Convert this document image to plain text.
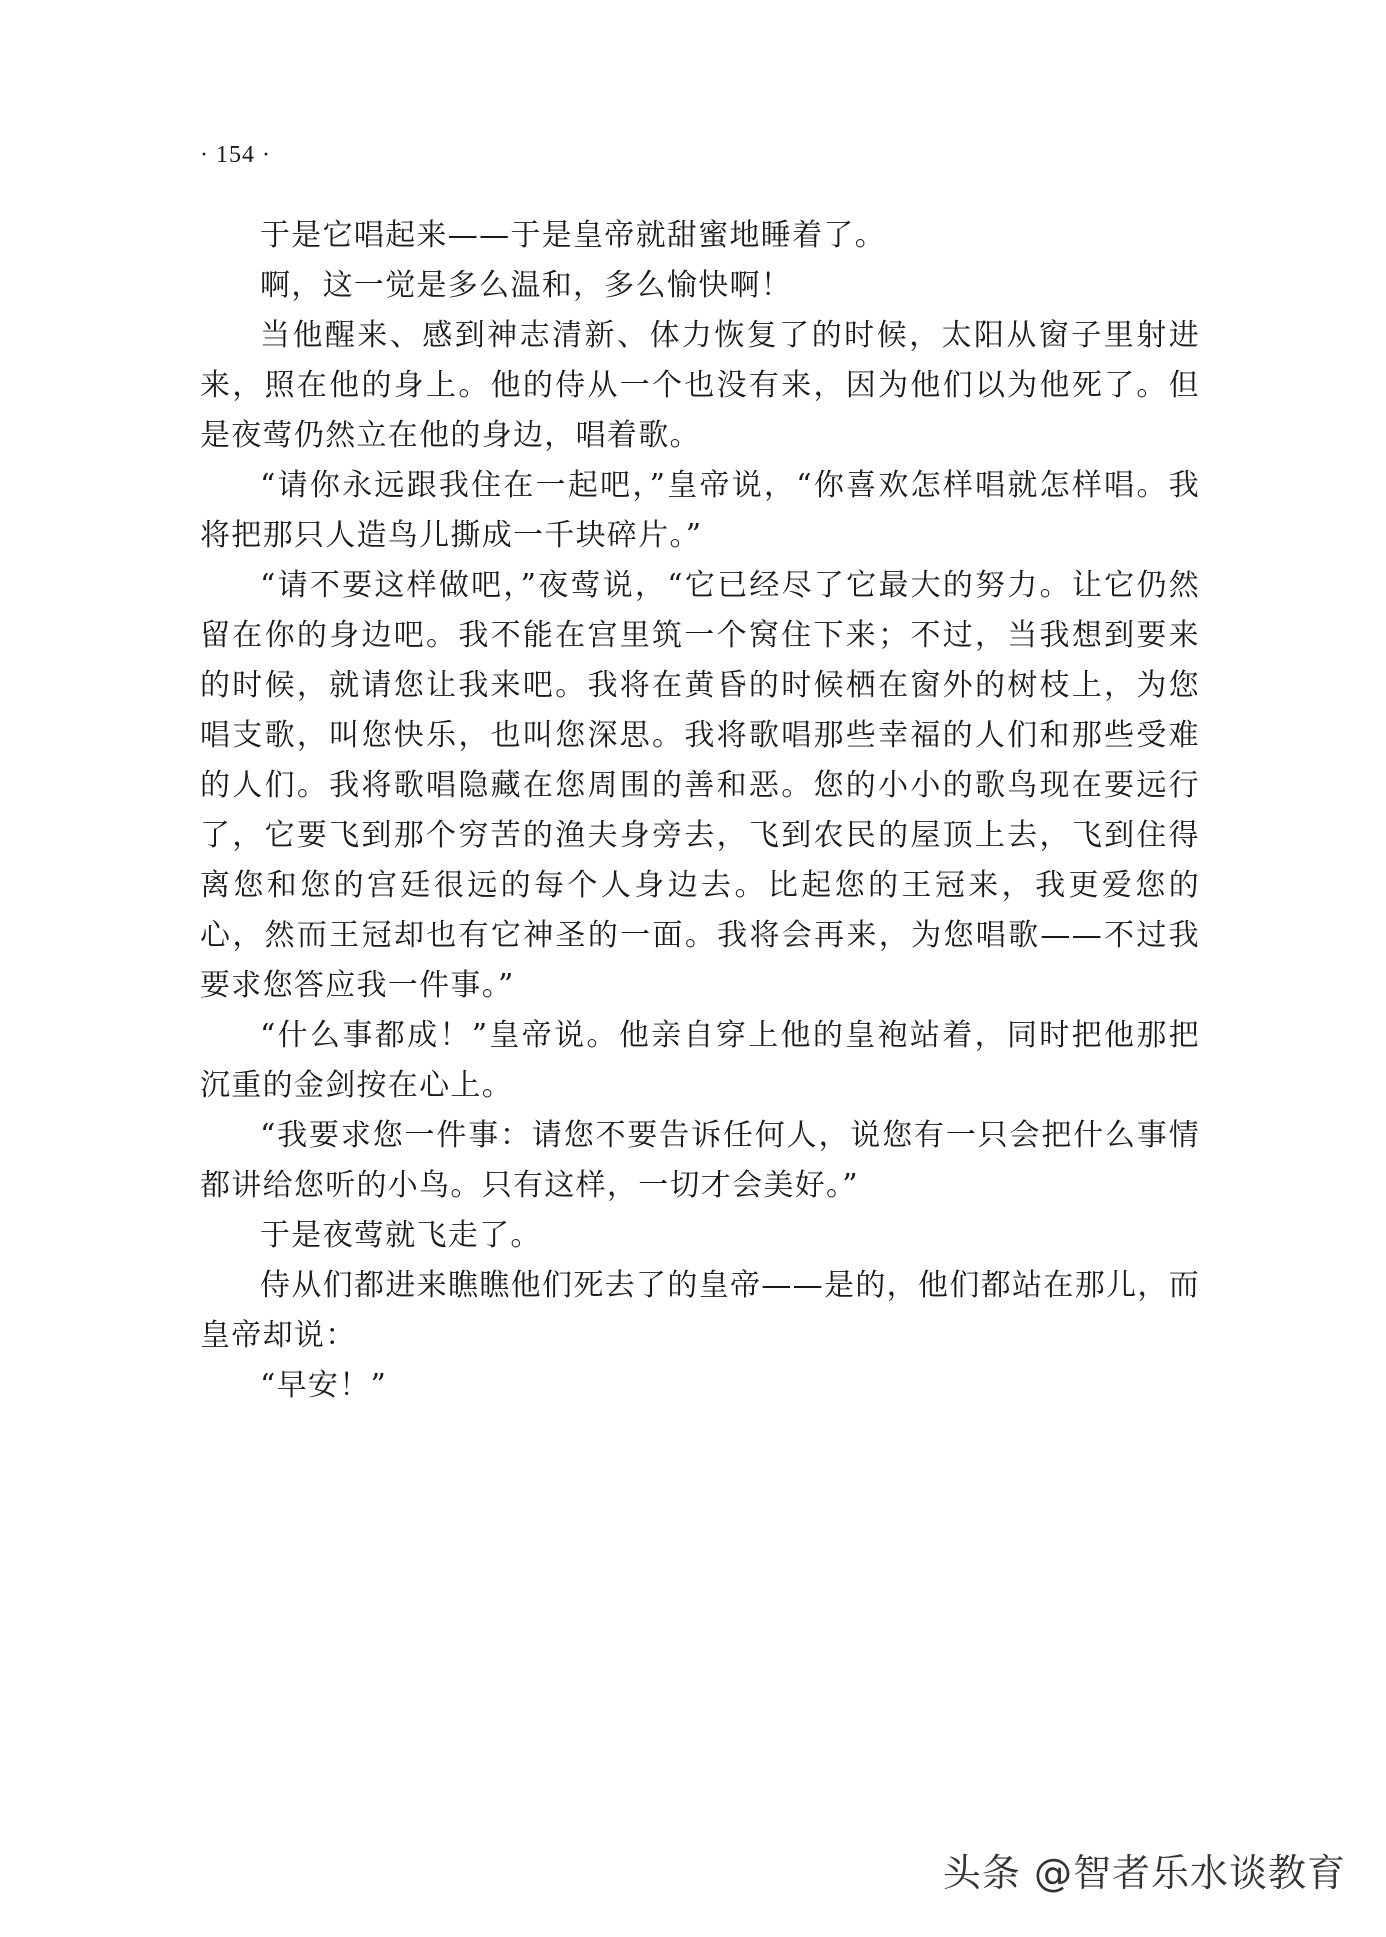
· 154 ·

于是它唱起来——于是皇帝就甜蜜地睡着了。

啊，这一觉是多么温和，多么愉快啊！

当他醒来、感到神志清新、体力恢复了的时候，太阳从窗子里射进来，照在他的身上。他的侍从一个也没有来，因为他们以为他死了。但是夜莺仍然立在他的身边，唱着歌。

“请你永远跟我住在一起吧，”皇帝说，“你喜欢怎样唱就怎样唱。我将把那只人造鸟儿撕成一千块碎片。”

“请不要这样做吧，”夜莺说，“它已经尽了它最大的努力。让它仍然留在你的身边吧。我不能在宫里筑一个窝住下来；不过，当我想到要来的时候，就请您让我来吧。我将在黄昏的时候栖在窗外的树枝上，为您唱支歌，叫您快乐，也叫您深思。我将歌唱那些幸福的人们和那些受难的人们。我将歌唱隐藏在您周围的善和恶。您的小小的歌鸟现在要远行了，它要飞到那个穷苦的渔夫身旁去，飞到农民的屋顶上去，飞到住得离您和您的宫廷很远的每个人身边去。比起您的王冠来，我更爱您的心，然而王冠却也有它神圣的一面。我将会再来，为您唱歌——不过我要求您答应我一件事。”

“什么事都成！”皇帝说。他亲自穿上他的皇袍站着，同时把他那把沉重的金剑按在心上。

“我要求您一件事：请您不要告诉任何人，说您有一只会把什么事情都讲给您听的小鸟。只有这样，一切才会美好。”

于是夜莺就飞走了。

侍从们都进来瞧瞧他们死去了的皇帝——是的，他们都站在那儿，而皇帝却说：

“早安！”

头条 @智者乐水谈教育
